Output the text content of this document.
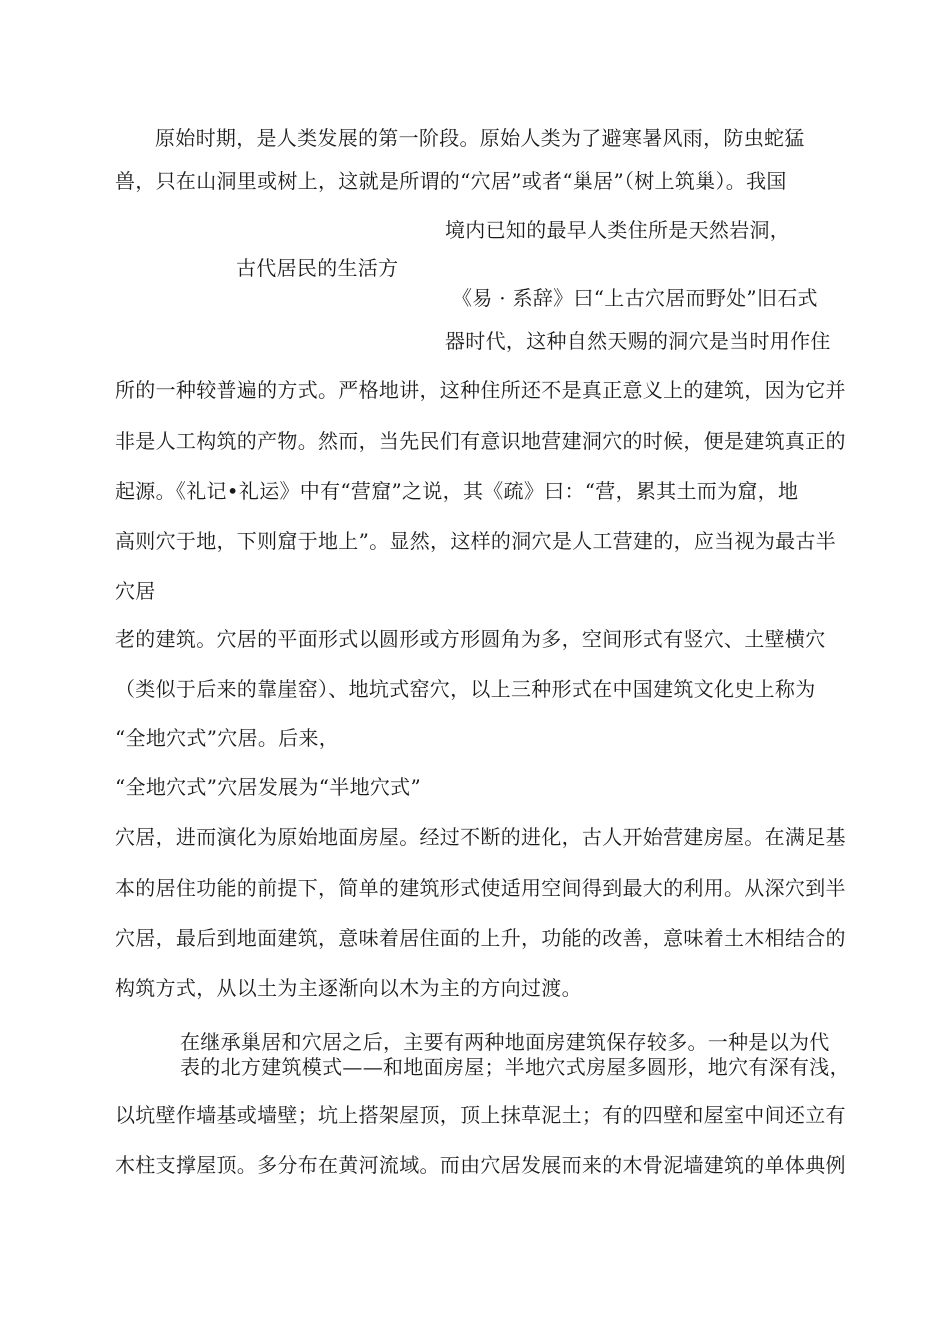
原始时期，是人类发展的第一阶段。原始人类为了避寒暑风雨，防虫蛇猛
兽，只在山洞里或树上，这就是所谓的“穴居”或者“巢居”（树上筑巢）。我国
境内已知的最早人类住所是天然岩洞，
古代居民的生活方
《易 · 系辞》曰“上古穴居而野处”旧石式
器时代，这种自然天赐的洞穴是当时用作住
所的一种较普遍的方式。严格地讲，这种住所还不是真正意义上的建筑，因为它并
非是人工构筑的产物。然而，当先民们有意识地营建洞穴的时候，便是建筑真正的
起源。《礼记•礼运》中有“营窟”之说，其《疏》曰：“营，累其土而为窟，地
高则穴于地，下则窟于地上”。显然，这样的洞穴是人工营建的，应当视为最古半
穴居
老的建筑。穴居的平面形式以圆形或方形圆角为多，空间形式有竖穴、土壁横穴
（类似于后来的靠崖窑）、地坑式窑穴，以上三种形式在中国建筑文化史上称为
“全地穴式”穴居。后来，
“全地穴式”穴居发展为“半地穴式”
穴居，进而演化为原始地面房屋。经过不断的进化，古人开始营建房屋。在满足基
本的居住功能的前提下，简单的建筑形式使适用空间得到最大的利用。从深穴到半
穴居，最后到地面建筑，意味着居住面的上升，功能的改善，意味着土木相结合的
构筑方式，从以土为主逐渐向以木为主的方向过渡。
在继承巢居和穴居之后，主要有两种地面房建筑保存较多。一种是以为代
表的北方建筑模式——和地面房屋；半地穴式房屋多圆形，地穴有深有浅，
以坑壁作墙基或墙壁；坑上搭架屋顶，顶上抹草泥土；有的四壁和屋室中间还立有
木柱支撑屋顶。多分布在黄河流域。而由穴居发展而来的木骨泥墙建筑的单体典例
